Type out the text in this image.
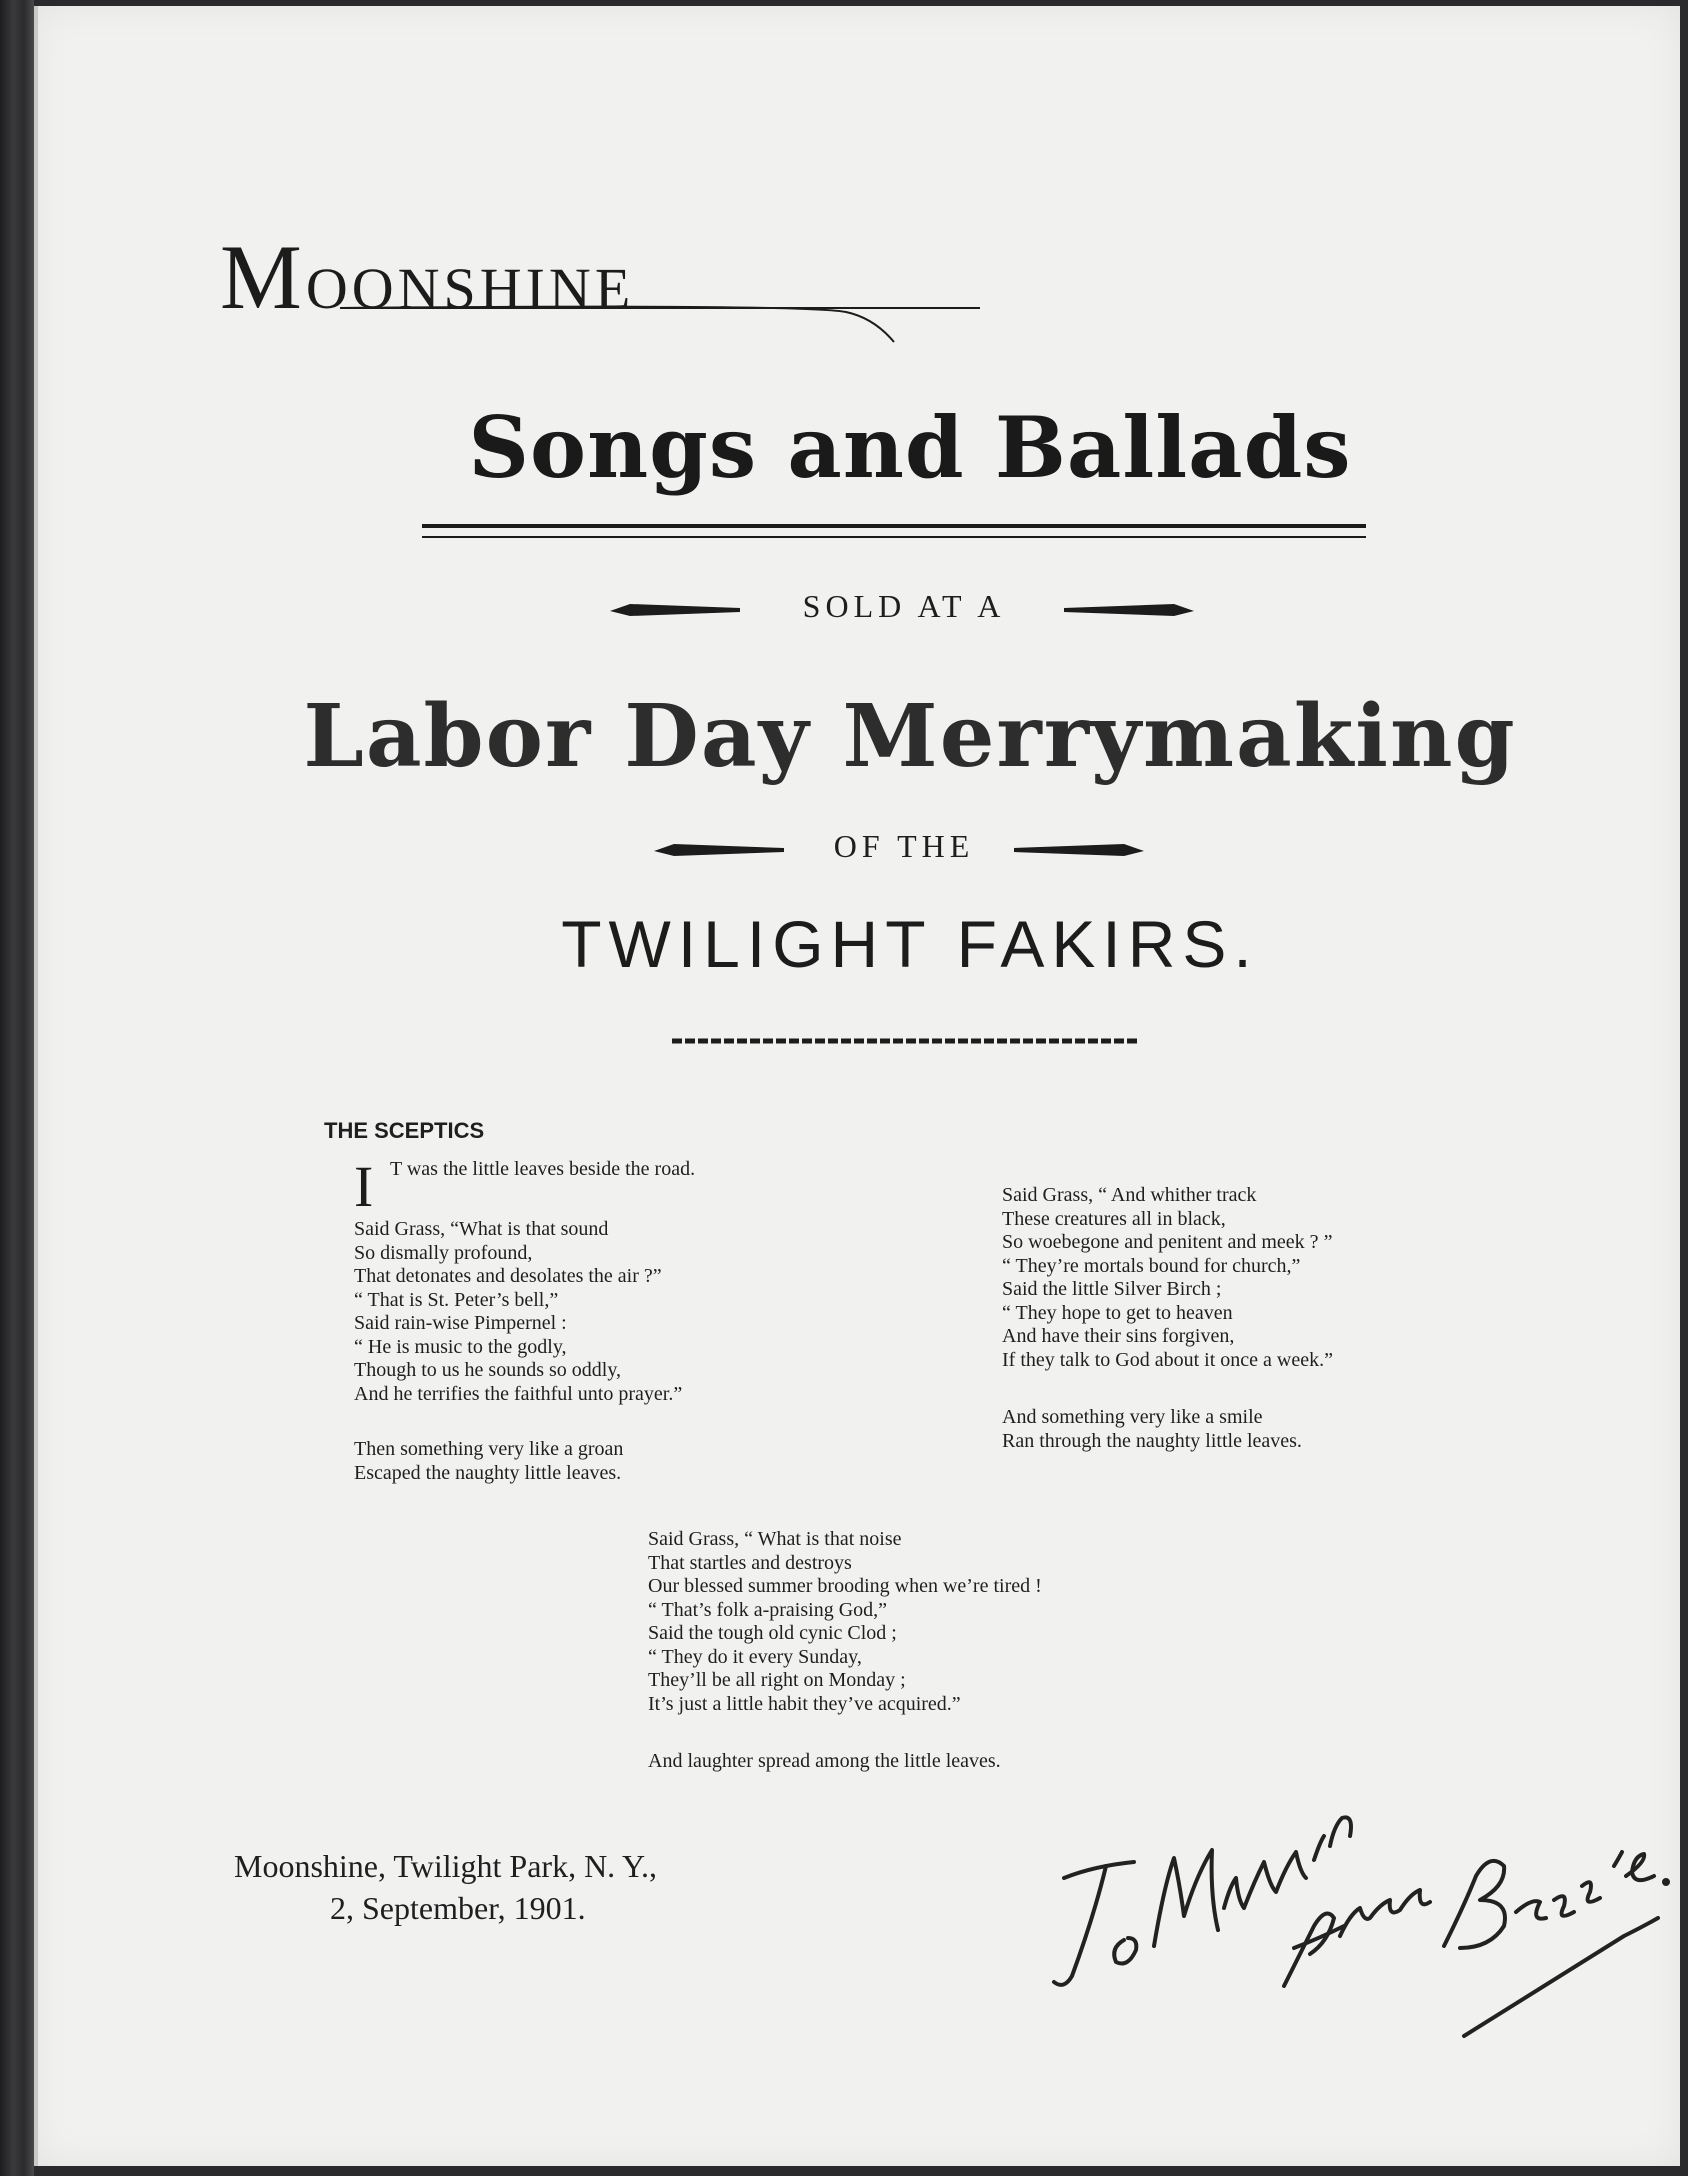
MOONSHINE
Songs and Ballads
SOLD AT A
Labor Day Merrymaking
OF THE
TWILIGHT FAKIRS.
THE SCEPTICS
I T was the little leaves beside the road.
Said Grass, “What is that sound
So dismally profound,
That detonates and desolates the air ?”
“ That is St. Peter’s bell,”
Said rain-wise Pimpernel :
“ He is music to the godly,
Though to us he sounds so oddly,
And he terrifies the faithful unto prayer.”
Then something very like a groan
Escaped the naughty little leaves.
Said Grass, “ And whither track
These creatures all in black,
So woebegone and penitent and meek ? ”
“ They’re mortals bound for church,”
Said the little Silver Birch ;
“ They hope to get to heaven
And have their sins forgiven,
If they talk to God about it once a week.”
And something very like a smile
Ran through the naughty little leaves.
Said Grass, “ What is that noise
That startles and destroys
Our blessed summer brooding when we’re tired !
“ That’s folk a-praising God,”
Said the tough old cynic Clod ;
“ They do it every Sunday,
They’ll be all right on Monday ;
It’s just a little habit they’ve acquired.”
And laughter spread among the little leaves.
Moonshine, Twilight Park, N. Y.,
2, September, 1901.
